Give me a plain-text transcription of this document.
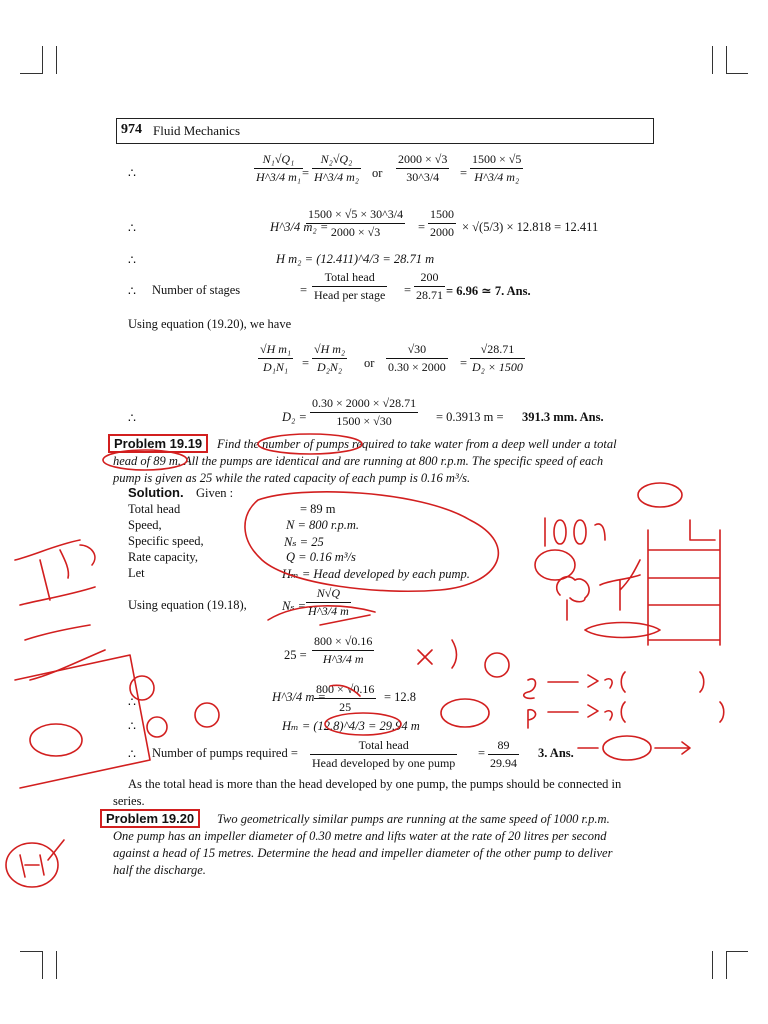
974 Fluid Mechanics
∴	$\frac{\text{N₁√Q₁}}{\text{H\textasciicircum{}3/4 m₁}} = \frac{\text{N₂√Q₂}}{\text{H\textasciicircum{}3/4 m₂}}$ or $\frac{2000 \times √3}{30\^{}3/4} = \frac{1500 \times √5}{\text{H\textasciicircum{}3/4 m₂}}$
∴	H^3/4 m₂ =
$\frac{1500 \times √5 \times 30\^{}3/4}{2000 \times √3} = \frac{1500}{2000} \times √(5/3) \times 12.818 = 12.411$
∴	H m₂ = (12.411)^4/3 = 28.71 m
∴ Number of stages	=
Total head
Head per stage = $\frac{200}{28.71} = 6.96$ ≃ 7. Ans.
Using equation (19.20), we have
$\frac{\text{√H m₁}}{\text{D₁N₁}} = \frac{\text{√H m₂}}{\text{D₂N₂}}$ or $\frac{√30}{0.30 \times 2000} = \frac{√28.71}{\text{D₂ × 1500}}$
∴	$D_2 = \frac{0.30 \times 2000 \times √28.71}{1500 \times √30} = 0.3913$ m = 391.3 mm. Ans.
Problem 19.19	Find the number of pumps required to take water from a deep well under a total
head of 89 m. All the pumps are identical and are running at 800 r.p.m. The specific speed of each
pump is given as 25 while the rated capacity of each pump is 0.16 m³/s.
Solution. Given :
Total head	= 89 m
Speed,	N = 800 r.p.m.
Specific speed,	Nₛ = 25
Rate capacity,	Q = 0.16 m³/s
Let	Hₘ = Head developed by each pump.
Using equation (19.18),	$N_s = \frac{N√Q}{H\^{}3/4 m}$
$25 = \frac{800 \times √0.16}{H\^{}3/4 m}$
∴	H^3/4 m =
$\frac{800 \times √0.16}{25} = 12.8$
∴	Hₘ = (12.8)^4/3 = 29.94 m
∴ Number of pumps required =
Total head
Head developed by one pump
= $\frac{89}{29.94} 3$. Ans.
As the total head is more than the head developed by one pump, the pumps should be connected in
series.
Problem 19.20	Two geometrically similar pumps are running at the same speed of 1000 r.p.m.
One pump has an impeller diameter of 0.30 metre and lifts water at the rate of 20 litres per second
against a head of 15 metres. Determine the head and impeller diameter of the other pump to deliver
half the discharge.
